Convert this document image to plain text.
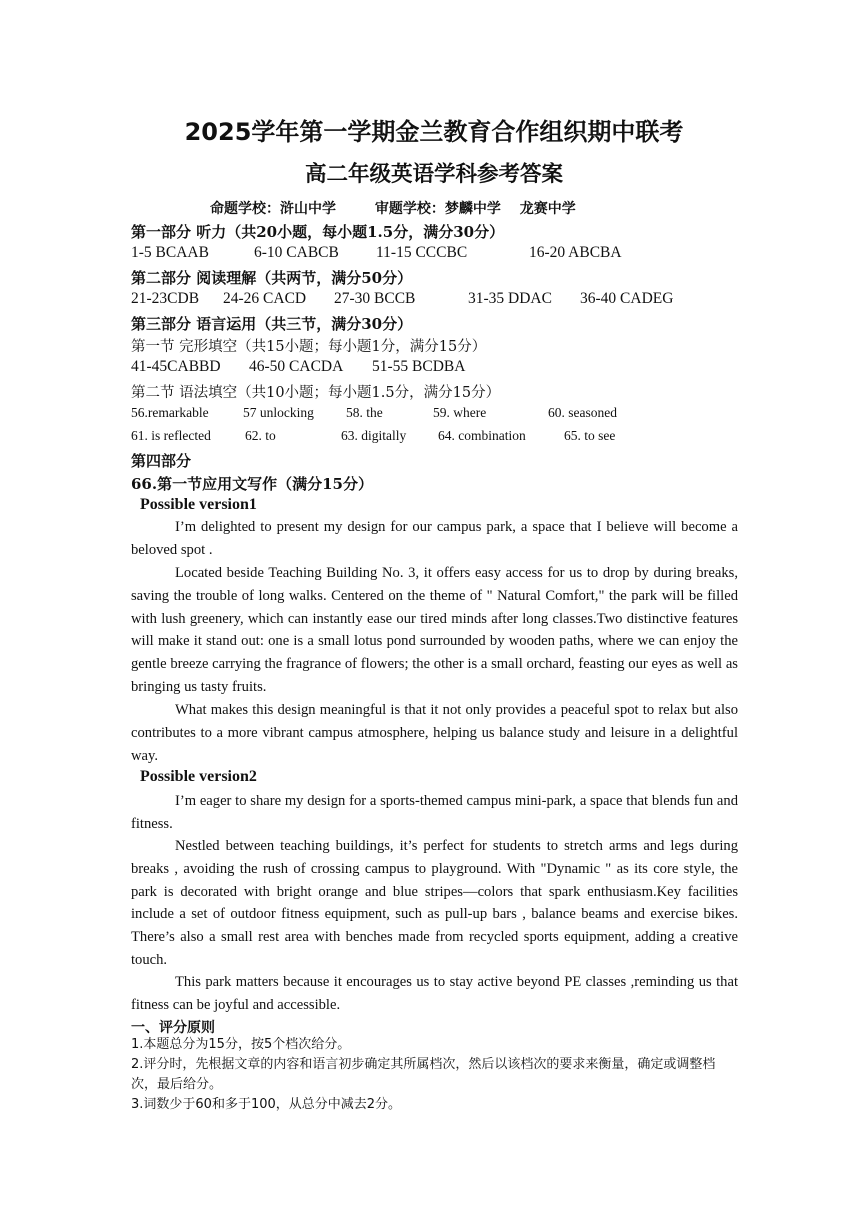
2025学年第一学期金兰教育合作组织期中联考
高二年级英语学科参考答案
命题学校：浒山中学	审题学校：梦麟中学 龙赛中学
第一部分 听力（共20小题，每小题1.5分，满分30分）
1-5 BCAAB	6-10 CABCB 11-15 CCCBC	16-20 ABCBA
第二部分 阅读理解（共两节，满分50分）
21-23CDB 24-26 CACD 27-30 BCCB	31-35 DDAC 36-40 CADEG
第三部分 语言运用（共三节，满分30分）
第一节 完形填空（共15小题；每小题1分，满分15分）
41-45CABBD 46-50 CACDA 51-55 BCDBA
第二节 语法填空（共10小题；每小题1.5分，满分15分）
56.remarkable	57 unlocking 58. the	59. where	60. seasoned
61. is reflected	62. to	63. digitally 64. combination	65. to see
第四部分
66.第一节应用文写作（满分15分）
Possible version1

I’m delighted to present my design for our campus park, a space that I believe will become a beloved spot .

Located beside Teaching Building No. 3, it offers easy access for us to drop by during breaks, saving the trouble of long walks. Centered on the theme of " Natural Comfort," the park will be filled with lush greenery, which can instantly ease our tired minds after long classes.Two distinctive features will make it stand out: one is a small lotus pond surrounded by wooden paths, where we can enjoy the gentle breeze carrying the fragrance of flowers; the other is a small orchard, feasting our eyes as well as bringing us tasty fruits.

What makes this design meaningful is that it not only provides a peaceful spot to relax but also contributes to a more vibrant campus atmosphere, helping us balance study and leisure in a delightful way.

Possible version2

I’m eager to share my design for a sports-themed campus mini-park, a space that blends fun and fitness.

Nestled between teaching buildings, it’s perfect for students to stretch arms and legs during breaks , avoiding the rush of crossing campus to playground. With "Dynamic " as its core style, the park is decorated with bright orange and blue stripes—colors that spark enthusiasm.Key facilities include a set of outdoor fitness equipment, such as pull-up bars , balance beams and exercise bikes. There’s also a small rest area with benches made from recycled sports equipment, adding a creative touch.

This park matters because it encourages us to stay active beyond PE classes ,reminding us that fitness can be joyful and accessible.

一、评分原则

1.本题总分为15分，按5个档次给分。

2.评分时，先根据文章的内容和语言初步确定其所属档次，然后以该档次的要求来衡量，确定或调整档次，最后给分。

3.词数少于60和多于100，从总分中减去2分。
